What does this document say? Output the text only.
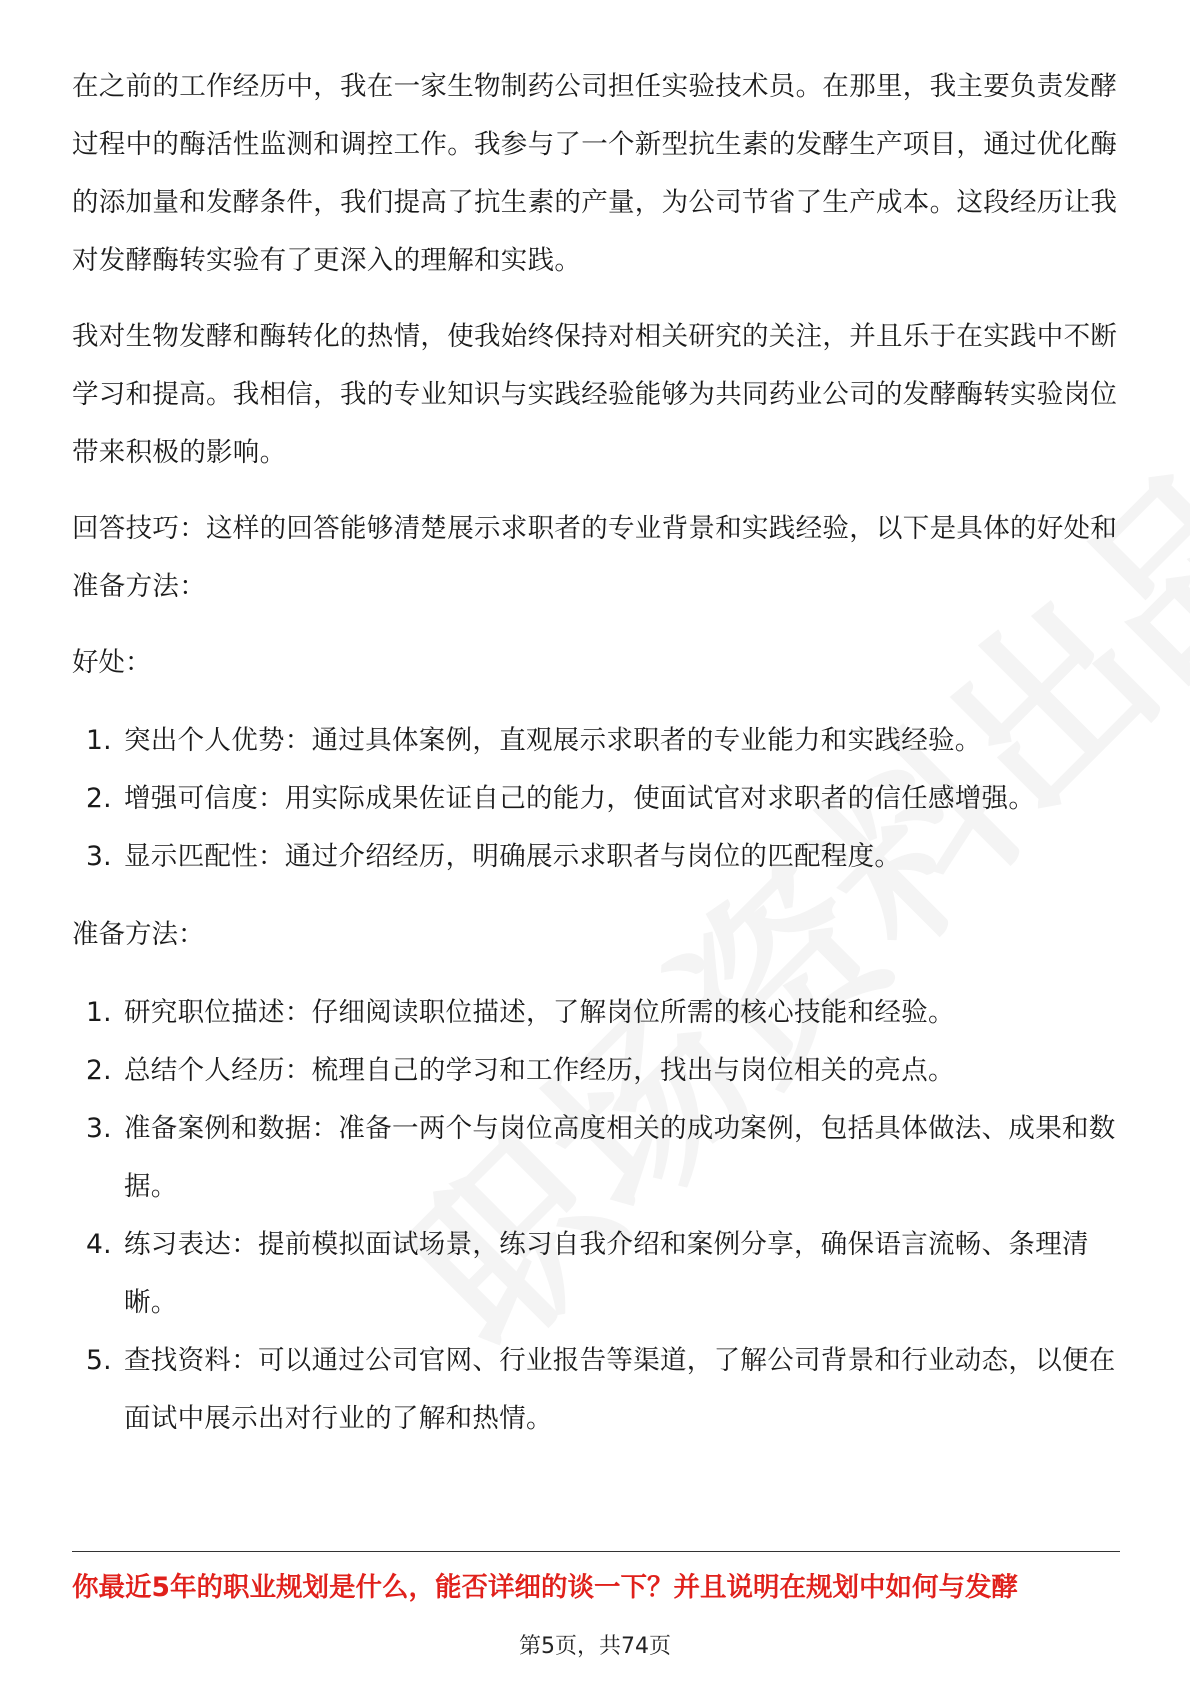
在之前的工作经历中，我在一家生物制药公司担任实验技术员。在那里，我主要负责发酵过程中的酶活性监测和调控工作。我参与了一个新型抗生素的发酵生产项目，通过优化酶的添加量和发酵条件，我们提高了抗生素的产量，为公司节省了生产成本。这段经历让我对发酵酶转实验有了更深入的理解和实践。

我对生物发酵和酶转化的热情，使我始终保持对相关研究的关注，并且乐于在实践中不断学习和提高。我相信，我的专业知识与实践经验能够为共同药业公司的发酵酶转实验岗位带来积极的影响。

回答技巧：这样的回答能够清楚展示求职者的专业背景和实践经验，以下是具体的好处和准备方法：

好处：
1. 突出个人优势：通过具体案例，直观展示求职者的专业能力和实践经验。
2. 增强可信度：用实际成果佐证自己的能力，使面试官对求职者的信任感增强。
3. 显示匹配性：通过介绍经历，明确展示求职者与岗位的匹配程度。
准备方法：
1. 研究职位描述：仔细阅读职位描述，了解岗位所需的核心技能和经验。
2. 总结个人经历：梳理自己的学习和工作经历，找出与岗位相关的亮点。
3. 准备案例和数据：准备一两个与岗位高度相关的成功案例，包括具体做法、成果和数据。
4. 练习表达：提前模拟面试场景，练习自我介绍和案例分享，确保语言流畅、条理清晰。
5. 查找资料：可以通过公司官网、行业报告等渠道，了解公司背景和行业动态，以便在面试中展示出对行业的了解和热情。
你最近5年的职业规划是什么，能否详细的谈一下？并且说明在规划中如何与发酵
第5页，共74页
